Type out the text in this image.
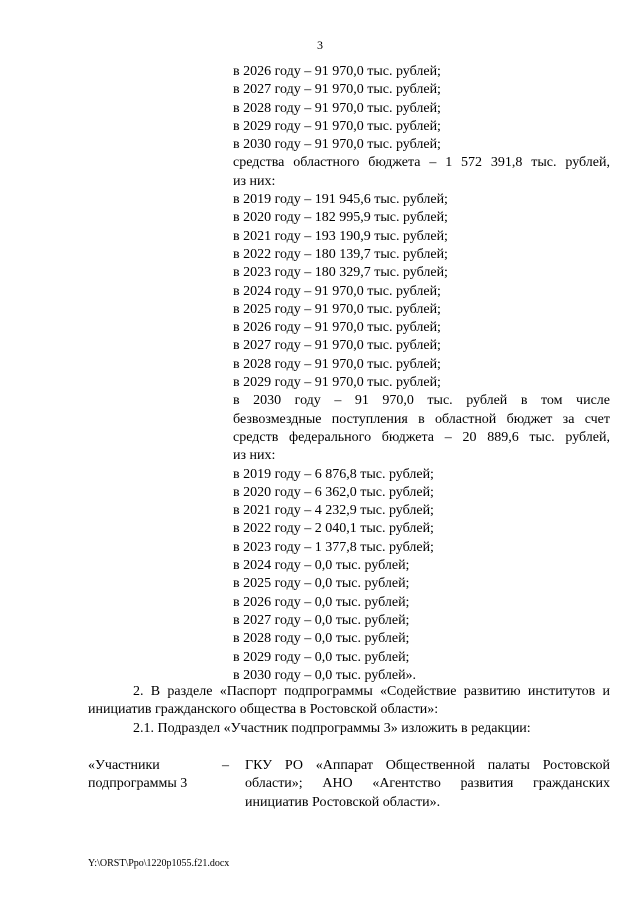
3

в 2026 году – 91 970,0 тыс. рублей;

в 2027 году – 91 970,0 тыс. рублей;

в 2028 году – 91 970,0 тыс. рублей;

в 2029 году – 91 970,0 тыс. рублей;

в 2030 году – 91 970,0 тыс. рублей;

средства областного бюджета – 1 572 391,8 тыс. рублей,

из них:

в 2019 году – 191 945,6 тыс. рублей;

в 2020 году – 182 995,9 тыс. рублей;

в 2021 году – 193 190,9 тыс. рублей;

в 2022 году – 180 139,7 тыс. рублей;

в 2023 году – 180 329,7 тыс. рублей;

в 2024 году – 91 970,0 тыс. рублей;

в 2025 году – 91 970,0 тыс. рублей;

в 2026 году – 91 970,0 тыс. рублей;

в 2027 году – 91 970,0 тыс. рублей;

в 2028 году – 91 970,0 тыс. рублей;

в 2029 году – 91 970,0 тыс. рублей;

в 2030 году – 91 970,0 тыс. рублей в том числе

безвозмездные поступления в областной бюджет за счет

средств федерального бюджета – 20 889,6 тыс. рублей,

из них:

в 2019 году – 6 876,8 тыс. рублей;

в 2020 году – 6 362,0 тыс. рублей;

в 2021 году – 4 232,9 тыс. рублей;

в 2022 году – 2 040,1 тыс. рублей;

в 2023 году – 1 377,8 тыс. рублей;

в 2024 году – 0,0 тыс. рублей;

в 2025 году – 0,0 тыс. рублей;

в 2026 году – 0,0 тыс. рублей;

в 2027 году – 0,0 тыс. рублей;

в 2028 году – 0,0 тыс. рублей;

в 2029 году – 0,0 тыс. рублей;

в 2030 году – 0,0 тыс. рублей».

2. В разделе «Паспорт подпрограммы «Содействие развитию институтов и инициатив гражданского общества в Ростовской области»:

2.1. Подраздел «Участник подпрограммы 3» изложить в редакции:

«Участники подпрограммы 3
–	ГКУ РО «Аппарат Общественной палаты Ростовской области»; АНО «Агентство развития гражданских инициатив Ростовской области».
Y:\ORST\Ppo\1220p1055.f21.docx
